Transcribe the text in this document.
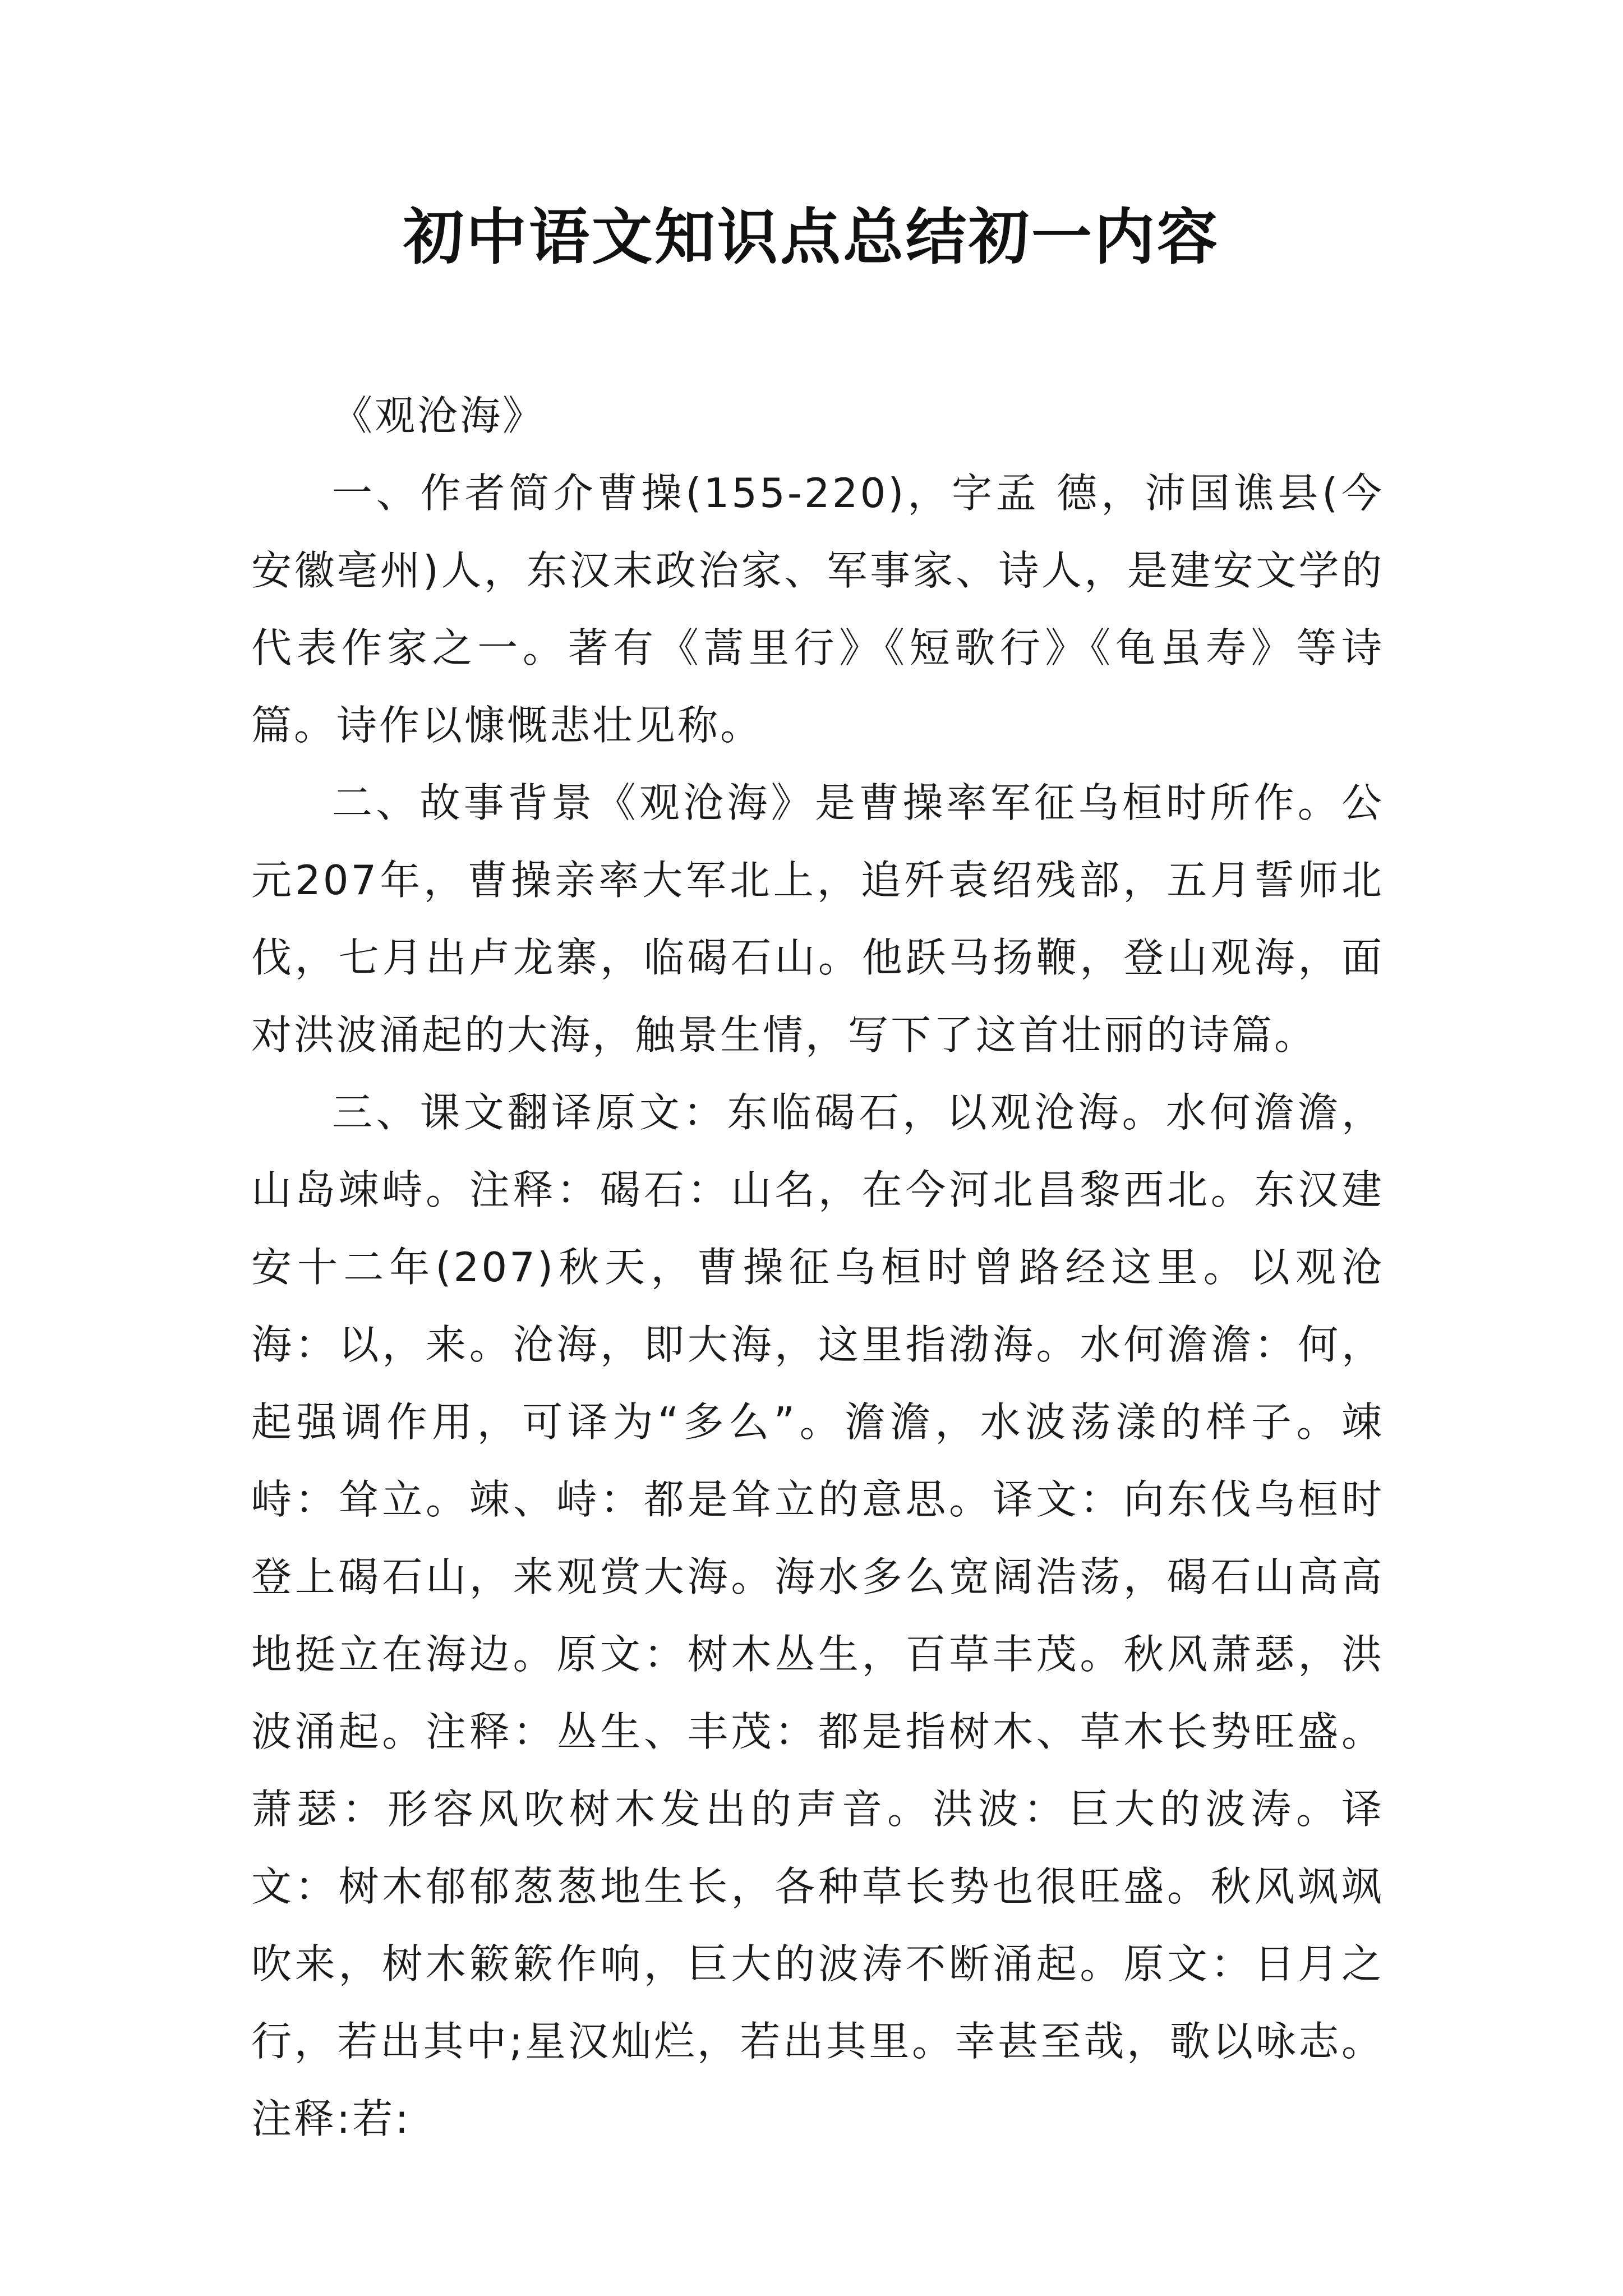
初中语文知识点总结初一内容

《观沧海》

一、作者简介曹操(155-220)，字孟 德，沛国谯县(今安徽亳州)人，东汉末政治家、军事家、诗人，是建安文学的代表作家之一。著有《蒿里行》《短歌行》《龟虽寿》等诗篇。诗作以慷慨悲壮见称。

二、故事背景《观沧海》是曹操率军征乌桓时所作。公元207年，曹操亲率大军北上，追歼袁绍残部，五月誓师北伐，七月出卢龙寨，临碣石山。他跃马扬鞭，登山观海，面对洪波涌起的大海，触景生情，写下了这首壮丽的诗篇。

三、课文翻译原文：东临碣石，以观沧海。水何澹澹，山岛竦峙。注释：碣石：山名，在今河北昌黎西北。东汉建安十二年(207)秋天，曹操征乌桓时曾路经这里。以观沧海：以，来。沧海，即大海，这里指渤海。水何澹澹：何，起强调作用，可译为“多么”。澹澹，水波荡漾的样子。竦峙：耸立。竦、峙：都是耸立的意思。译文：向东伐乌桓时登上碣石山，来观赏大海。海水多么宽阔浩荡，碣石山高高地挺立在海边。原文：树木丛生，百草丰茂。秋风萧瑟，洪波涌起。注释：丛生、丰茂：都是指树木、草木长势旺盛。萧瑟：形容风吹树木发出的声音。洪波：巨大的波涛。译文：树木郁郁葱葱地生长，各种草长势也很旺盛。秋风飒飒吹来，树木簌簌作响，巨大的波涛不断涌起。原文：日月之行，若出其中;星汉灿烂，若出其里。幸甚至哉，歌以咏志。注释:若:
